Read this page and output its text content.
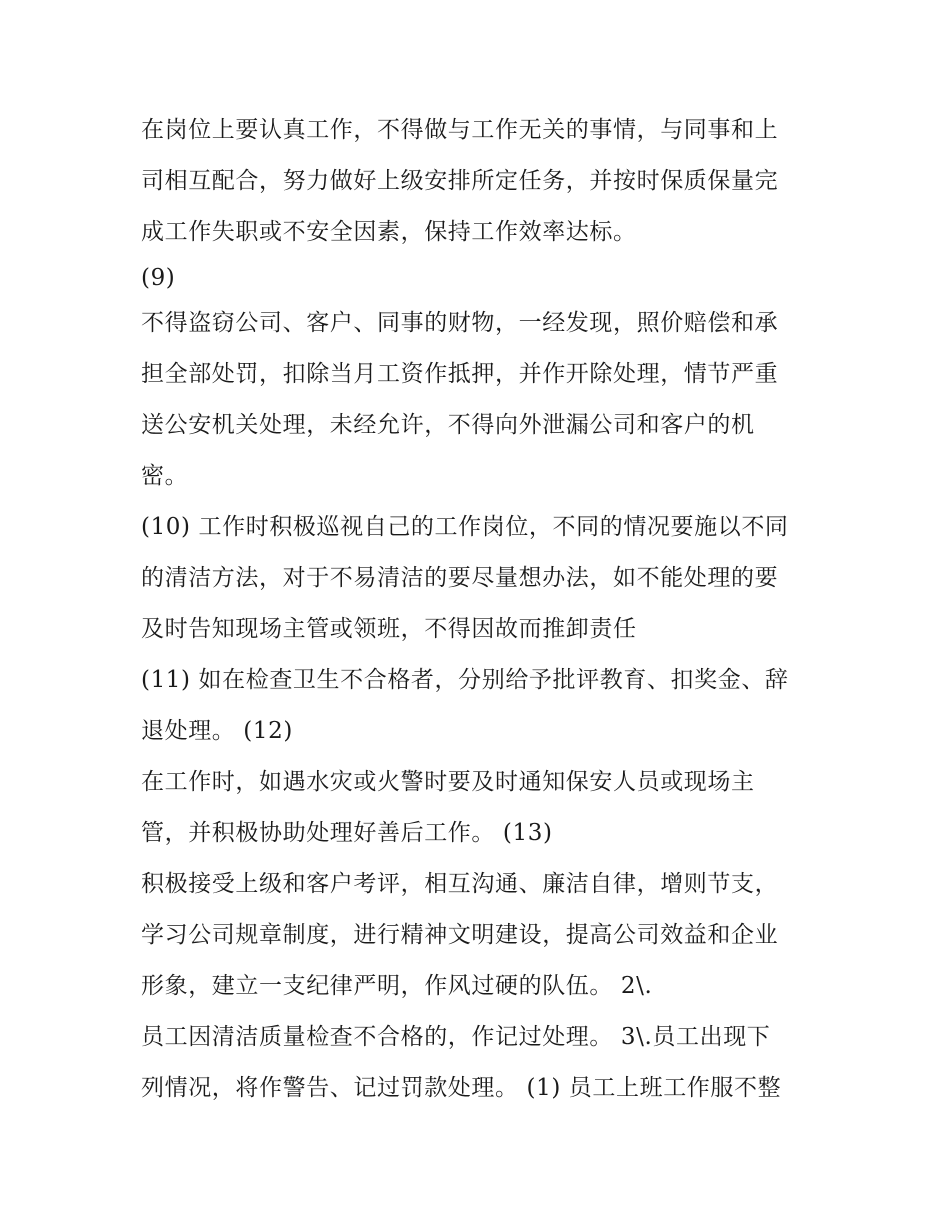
在岗位上要认真工作，不得做与工作无关的事情，与同事和上
司相互配合，努力做好上级安排所定任务，并按时保质保量完
成工作失职或不安全因素，保持工作效率达标。
(9)
不得盗窃公司、客户、同事的财物，一经发现，照价赔偿和承
担全部处罚，扣除当月工资作抵押，并作开除处理，情节严重
送公安机关处理，未经允许，不得向外泄漏公司和客户的机
密。
(10) 工作时积极巡视自己的工作岗位，不同的情况要施以不同
的清洁方法，对于不易清洁的要尽量想办法，如不能处理的要
及时告知现场主管或领班，不得因故而推卸责任
(11) 如在检查卫生不合格者，分别给予批评教育、扣奖金、辞
退处理。 (12)
在工作时，如遇水灾或火警时要及时通知保安人员或现场主
管，并积极协助处理好善后工作。 (13)
积极接受上级和客户考评，相互沟通、廉洁自律，增则节支，
学习公司规章制度，进行精神文明建设，提高公司效益和企业
形象，建立一支纪律严明，作风过硬的队伍。 2\.
员工因清洁质量检查不合格的，作记过处理。 3\.员工出现下
列情况，将作警告、记过罚款处理。 (1) 员工上班工作服不整
